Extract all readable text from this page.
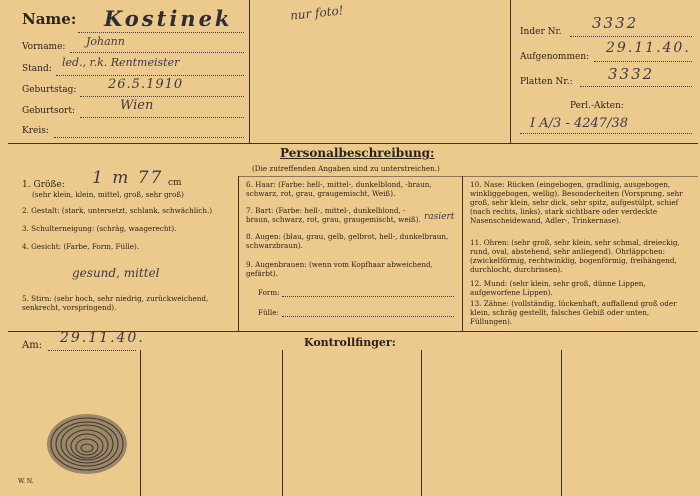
Name: Kostinek
Vorname: Johann
Stand: led., r.k. Rentmeister
Geburtstag: 26.5.1910
Geburtsort:	Wien
Kreis:
nur foto!
Inder Nr. 3332
Aufgenommen:
29.11.40.
Platten Nr.: 3332
Perl.-Akten:
I A/3 - 4247/38
Personalbeschreibung:
(Die zutreffenden Angaben sind zu unterstreichen.)
1. Größe: 1 m 77 cm
(sehr klein, klein, mittel, groß, sehr groß)
2. Gestalt: (stark, untersetzt, schlank, schwächlich.)
3. Schulterneigung: (schräg, waagerecht).
4. Gesicht: (Farbe, Form, Fülle).
gesund, mittel
5. Stirn: (sehr hoch, sehr niedrig, zurückweichend, senkrecht, vorspringend).
6. Haar: (Farbe: hell-, mittel-, dunkelblond, -braun, schwarz, rot, grau, graugemischt, Weiß).
7. Bart: (Farbe: hell-, mittel-, dunkelblond, -braun, schwarz, rot, grau, graugemischt, weiß). rasiert
8. Augen: (blau, grau, gelb, gelbrot, hell-, dunkelbraun, schwarzbraun).
9. Augenbrauen: (wenn vom Kopfhaar abweichend, gefärbt).
Form:
Fülle:
10. Nase: Rücken (eingebogen, gradlinig, ausgebogen, winkliggebogen, wellig). Besonderheiten (Vorsprung, sehr groß, sehr klein, sehr dick, sehr spitz, aufgestülpt, schief (nach rechts, links), stark sichtbare oder verdeckte Nasenscheidewand, Adler-, Trinkernase).
11. Ohren: (sehr groß, sehr klein, sehr schmal, dreieckig, rund, oval, abstehend, sehr anliegend). Ohrläppchen: (zwickelförmig, rechtwinklig, bogenförmig, freihängend, durchlocht, durchrissen).
12. Mund: (sehr klein, sehr groß, dünne Lippen, aufgeworfene Lippen).
13. Zähne: (vollständig, lückenhaft, auffallend groß oder klein, schräg gestellt, falsches Gebiß oder unten, Füllungen).
Am: 29.11.40.	Kontrollfinger:
W. N.
